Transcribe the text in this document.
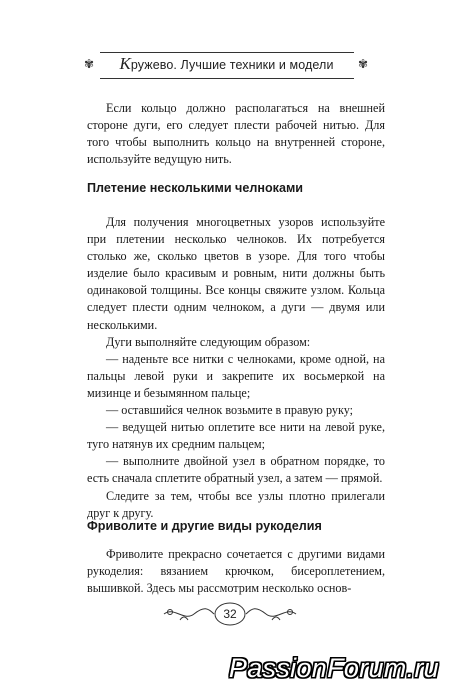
✾	Кружево. Лучшие техники и модели	✾

Если кольцо должно располагаться на внешней стороне дуги, его следует плести рабочей нитью. Для того чтобы выполнить кольцо на внутренней стороне, используйте ведущую нить.

Плетение несколькими челноками

Для получения многоцветных узоров используйте при плетении несколько челноков. Их потребуется столько же, сколько цветов в узоре. Для того чтобы изделие было красивым и ровным, нити должны быть одинаковой толщины. Все концы свяжите узлом. Кольца следует плести одним челноком, а дуги — двумя или несколькими.

Дуги выполняйте следующим образом:

— наденьте все нитки с челноками, кроме одной, на пальцы левой руки и закрепите их восьмеркой на мизинце и безымянном пальце;

— оставшийся челнок возьмите в правую руку;

— ведущей нитью оплетите все нити на левой руке, туго натянув их средним пальцем;

— выполните двойной узел в обратном порядке, то есть сначала сплетите обратный узел, а затем — прямой.

Следите за тем, чтобы все узлы плотно прилегали друг к другу.

Фриволите и другие виды рукоделия

Фриволите прекрасно сочетается с другими видами рукоделия: вязанием крючком, бисероплетением, вышивкой. Здесь мы рассмотрим несколько основ-

32
PassionForum.ru
